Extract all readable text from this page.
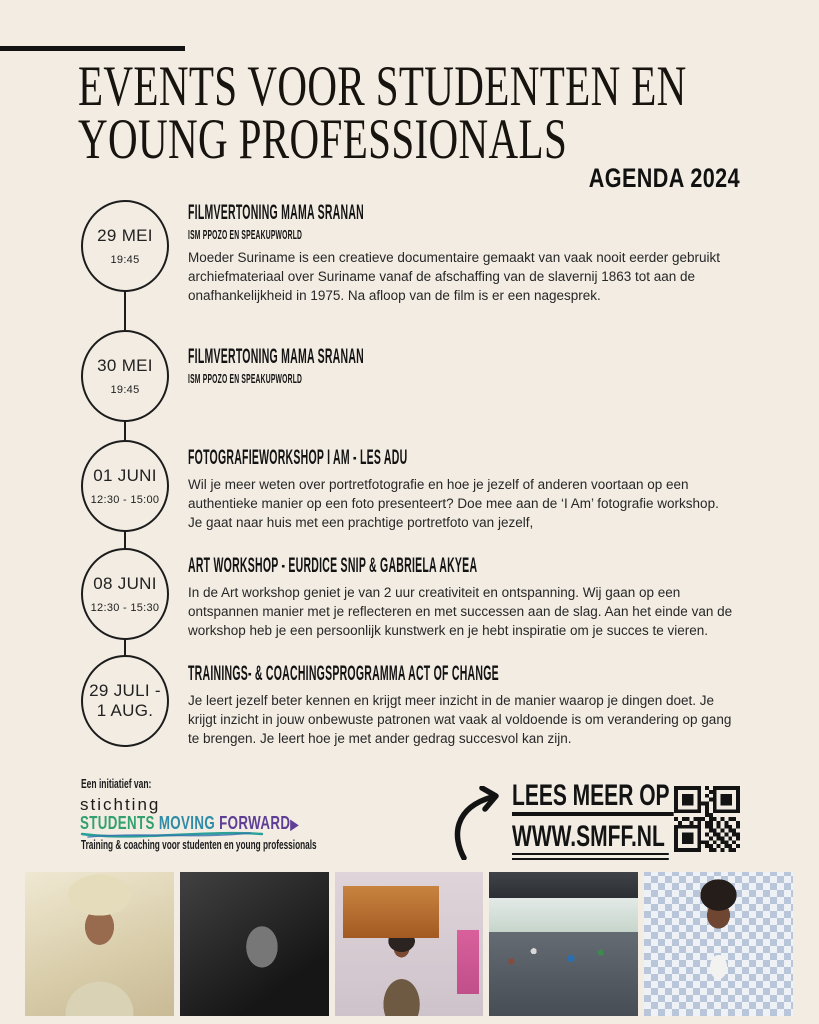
EVENTS VOOR STUDENTEN EN
YOUNG PROFESSIONALS
AGENDA 2024
29 MEI
19:45
FILMVERTONING MAMA SRANAN
ISM PPOZO EN SPEAKUPWORLD

Moeder Suriname is een creatieve documentaire gemaakt van vaak nooit eerder gebruikt archiefmateriaal over Suriname vanaf de afschaffing van de slavernij 1863 tot aan de onafhankelijkheid in 1975. Na afloop van de film is er een nagesprek.

30 MEI
19:45
FILMVERTONING MAMA SRANAN
ISM PPOZO EN SPEAKUPWORLD
01 JUNI
12:30 - 15:00
FOTOGRAFIEWORKSHOP I AM - LES ADU

Wil je meer weten over portretfotografie en hoe je jezelf of anderen voortaan op een authentieke manier op een foto presenteert? Doe mee aan de ‘I Am’ fotografie workshop. Je gaat naar huis met een prachtige portretfoto van jezelf,

08 JUNI
12:30 - 15:30
ART WORKSHOP - EURDICE SNIP & GABRIELA AKYEA

In de Art workshop geniet je van 2 uur creativiteit en ontspanning. Wij gaan op een ontspannen manier met je reflecteren en met successen aan de slag. Aan het einde van de workshop heb je een persoonlijk kunstwerk en je hebt inspiratie om je succes te vieren.

29 JULI -
1 AUG.
TRAININGS- & COACHINGSPROGRAMMA ACT OF CHANGE

Je leert jezelf beter kennen en krijgt meer inzicht in de manier waarop je dingen doet. Je krijgt inzicht in jouw onbewuste patronen wat vaak al voldoende is om verandering op gang te brengen. Je leert hoe je met ander gedrag succesvol kan zijn.

Een initiatief van:
stichting
STUDENTS MOVING FORWARD▶
Training & coaching voor studenten en young professionals
LEES MEER OP
WWW.SMFF.NL
